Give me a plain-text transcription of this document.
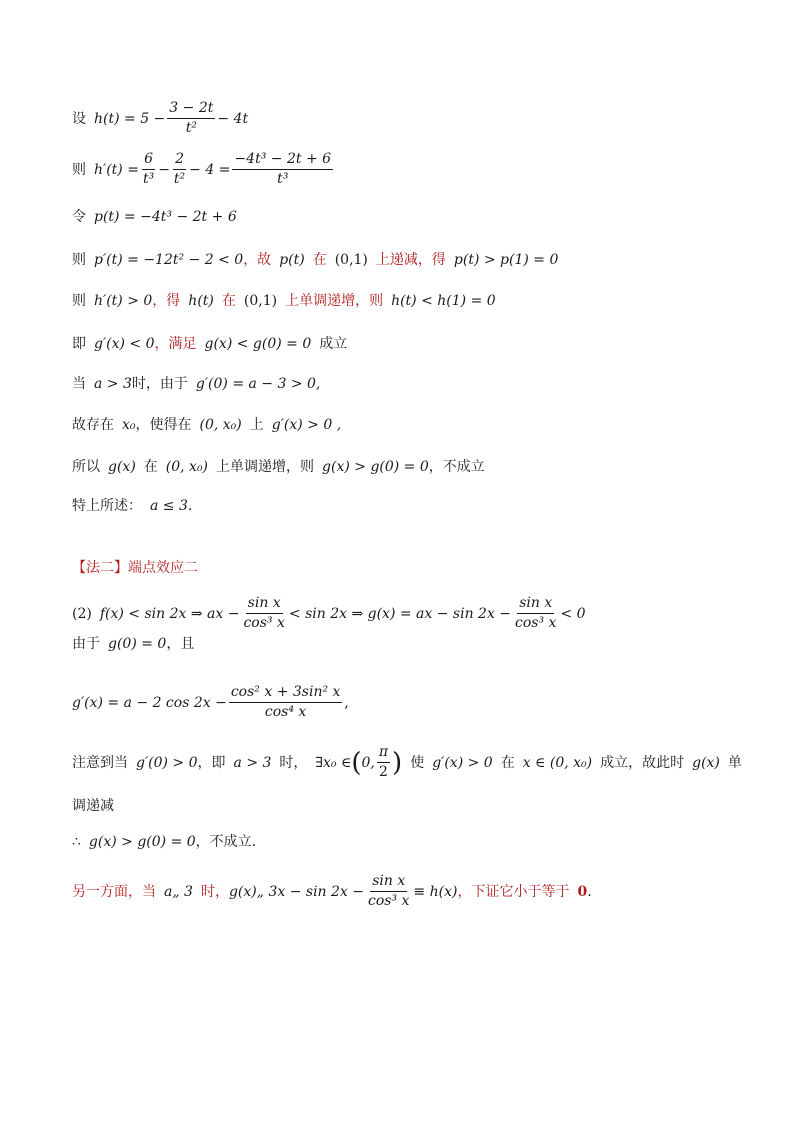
设 $h(t) = 5 - \frac{3 - 2t}{\text{t²}} - 4t$
则 $h'(t) = \frac{6}{\text{t³}} - \frac{2}{\text{t²}} - 4 = \frac{\text{−4t³ − 2t + 6}}{\text{t³}}$
令 p(t) = −4t³ − 2t + 6
则 p′(t) = −12t² − 2 < 0 ，故 p(t) 在 (0,1) 上递减，得 p(t) > p(1) = 0
则 h′(t) > 0 ，得 h(t) 在 (0,1) 上单调递增，则 h(t) < h(1) = 0
即 g′(x) < 0 ，满足 g(x) < g(0) = 0 成立
当 a > 3 时，由于 g′(0) = a − 3 > 0,
故存在 x₀ ，使得在 (0, x₀) 上 g′(x) > 0 ,
所以 g(x) 在 (0, x₀) 上单调递增，则 g(x) > g(0) = 0 ，不成立
特上所述： a ≤ 3.
【法二】端点效应二
(2) f(x) < sin 2x ⇒ ax − $\frac{\text{sin x}}{\text{cos³ x}} < \sin 2x$ ⇒ g(x) = ax − $\sin 2x - \frac{\text{sin x}}{\text{cos³ x}} < 0$
由于 g(0) = 0 ，且
g′(x) = a − 2 $\cos 2x - \frac{\text{cos² x + 3sin² x}}{\text{cos⁴ x}}$ ,
注意到当 g′(0) > 0 ，即 a > 3 时， ∃x₀ ∈ ( 0, $\frac{\pi}{2}$ ) 使 g′(x) > 0 在 x ∈ (0, x₀) 成立，故此时 g(x) 单
调递减
∴ g(x) > g(0) = 0 ，不成立.
另一方面，当 a„ 3 时， g(x)„ $3x - \sin 2x - \frac{\text{sin x}}{\text{cos³ x}} \equiv h(x)$ ，下证它小于等于 0 .
